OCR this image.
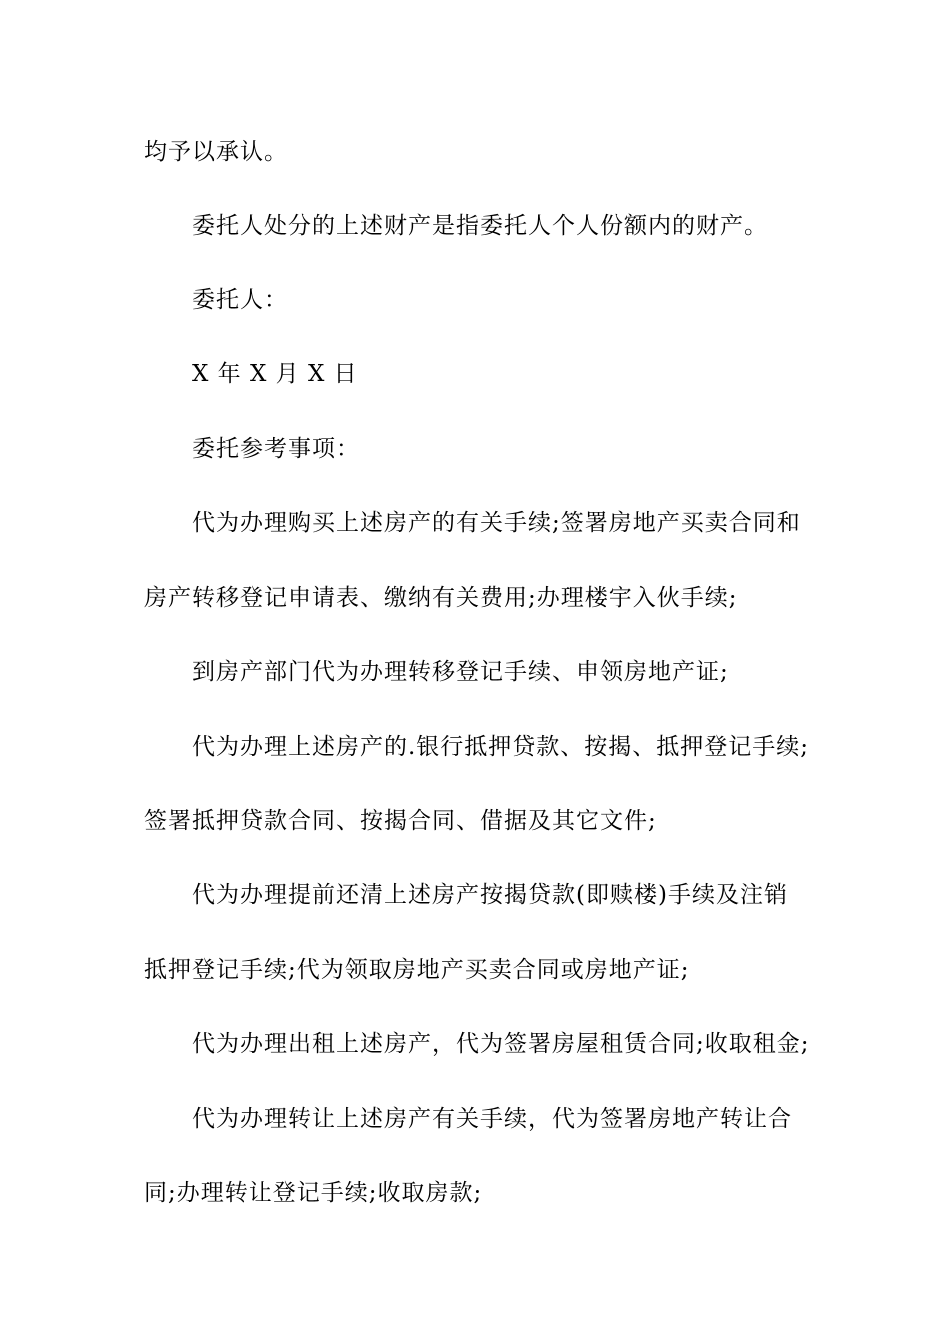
均予以承认。
委托人处分的上述财产是指委托人个人份额内的财产。
委托人：
X 年 X 月 X 日
委托参考事项：
代为办理购买上述房产的有关手续;签署房地产买卖合同和
房产转移登记申请表、缴纳有关费用;办理楼宇入伙手续;
到房产部门代为办理转移登记手续、申领房地产证;
代为办理上述房产的.银行抵押贷款、按揭、抵押登记手续;
签署抵押贷款合同、按揭合同、借据及其它文件;
代为办理提前还清上述房产按揭贷款(即赎楼)手续及注销
抵押登记手续;代为领取房地产买卖合同或房地产证;
代为办理出租上述房产，代为签署房屋租赁合同;收取租金;
代为办理转让上述房产有关手续，代为签署房地产转让合
同;办理转让登记手续;收取房款;
